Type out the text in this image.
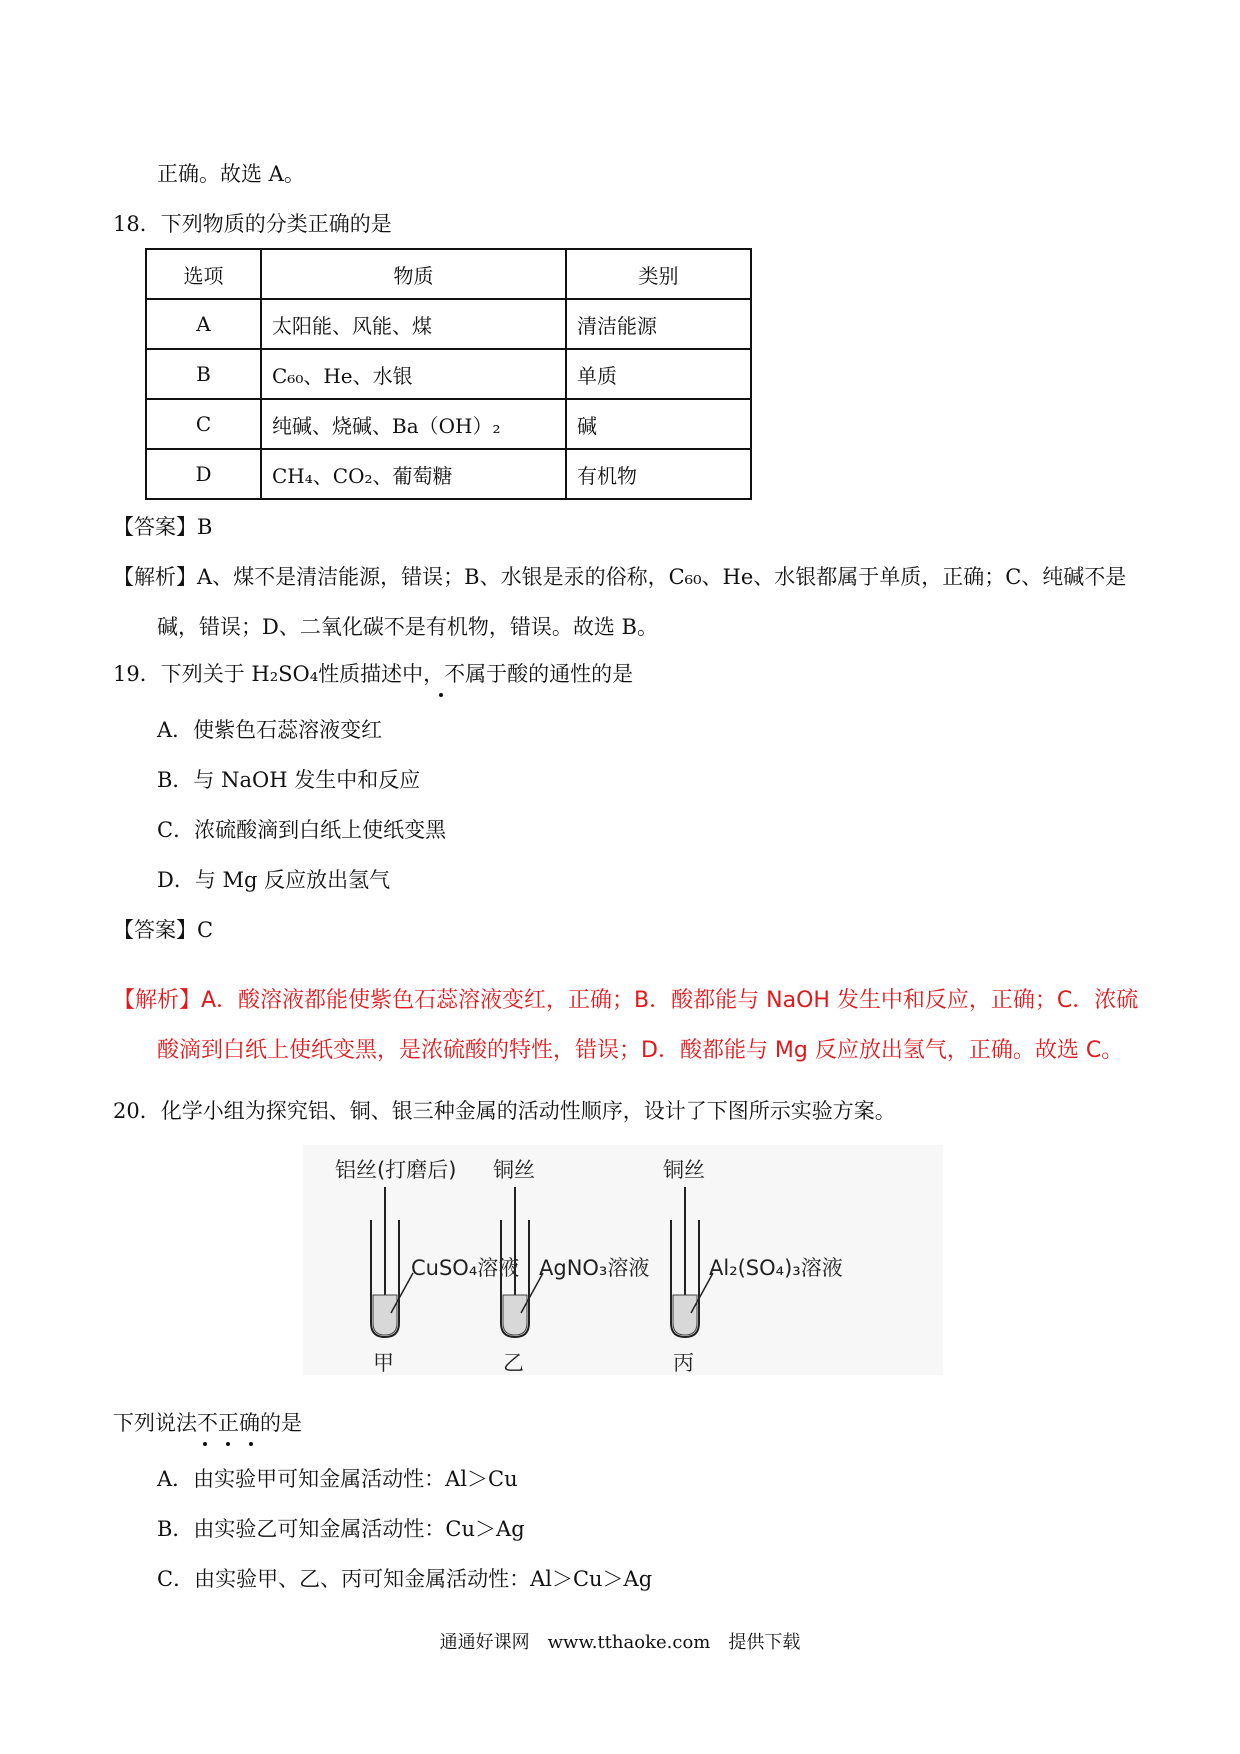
正确。故选 A。
18．下列物质的分类正确的是
选项	物质	类别
A	太阳能、风能、煤	清洁能源
B	C₆₀、He、水银	单质
C	纯碱、烧碱、Ba（OH）₂	碱
D	CH₄、CO₂、葡萄糖	有机物
【答案】B
【解析】A、煤不是清洁能源，错误；B、水银是汞的俗称，C₆₀、He、水银都属于单质，正确；C、纯碱不是
碱，错误；D、二氧化碳不是有机物，错误。故选 B。
19．下列关于 H₂SO₄性质描述中，不属于酸的通性的是
A．使紫色石蕊溶液变红
B．与 NaOH 发生中和反应
C．浓硫酸滴到白纸上使纸变黑
D．与 Mg 反应放出氢气
【答案】C
【解析】A．酸溶液都能使紫色石蕊溶液变红，正确；B．酸都能与 NaOH 发生中和反应，正确；C．浓硫
酸滴到白纸上使纸变黑，是浓硫酸的特性，错误；D．酸都能与 Mg 反应放出氢气，正确。故选 C。
20．化学小组为探究铝、铜、银三种金属的活动性顺序，设计了下图所示实验方案。
铝丝(打磨后)
CuSO₄溶液
甲
铜丝
AgNO₃溶液
乙
铜丝
Al₂(SO₄)₃溶液
丙
下列说法不正确的是
A．由实验甲可知金属活动性：Al＞Cu
B．由实验乙可知金属活动性：Cu＞Ag
C．由实验甲、乙、丙可知金属活动性：Al＞Cu＞Ag
通通好课网　www.tthaoke.com　提供下载
